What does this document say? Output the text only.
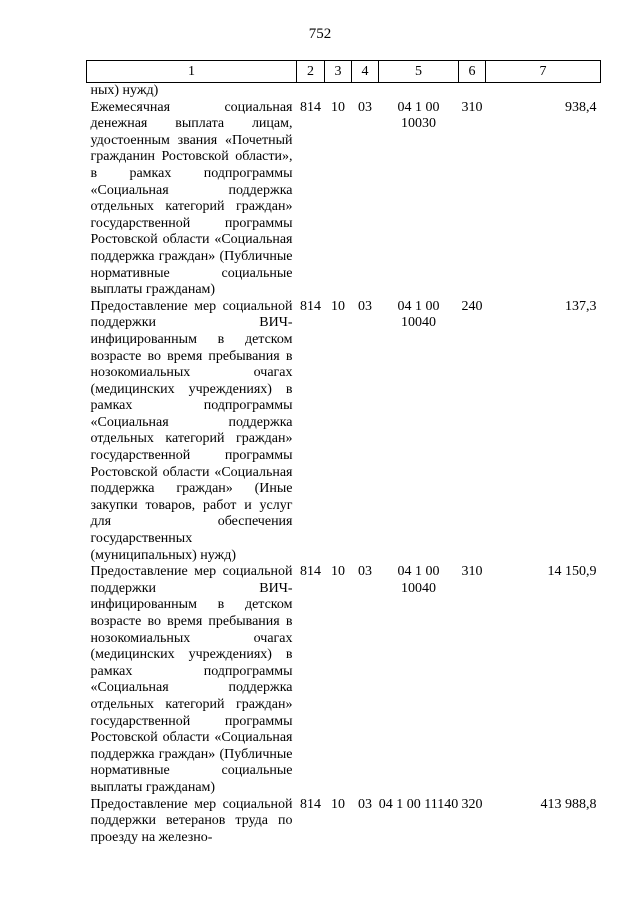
752
1	2	3	4	5	6	7
ных) нужд)						
Ежемесячная социальная денежная выплата лицам, удостоенным звания «Почетный гражданин Ростовской области», в рамках подпрограммы «Социальная поддержка отдельных категорий граждан» государственной программы Ростовской области «Социальная поддержка граждан» (Публичные нормативные социальные выплаты гражданам)	814	10	03	04 1 00 10030	310	938,4
Предоставление мер социальной поддержки ВИЧ-инфицированным в детском возрасте во время пребывания в нозокомиальных очагах (медицинских учреждениях) в рамках подпрограммы «Социальная поддержка отдельных категорий граждан» государственной программы Ростовской области «Социальная поддержка граждан» (Иные закупки товаров, работ и услуг для обеспечения государственных (муниципальных) нужд)	814	10	03	04 1 00 10040	240	137,3
Предоставление мер социальной поддержки ВИЧ-инфицированным в детском возрасте во время пребывания в нозокомиальных очагах (медицинских учреждениях) в рамках подпрограммы «Социальная поддержка отдельных категорий граждан» государственной программы Ростовской области «Социальная поддержка граждан» (Публичные нормативные социальные выплаты гражданам)	814	10	03	04 1 00 10040	310	14 150,9
Предоставление мер социальной поддержки ветеранов труда по проезду на железно-	814	10	03	04 1 00 11140	320	413 988,8
